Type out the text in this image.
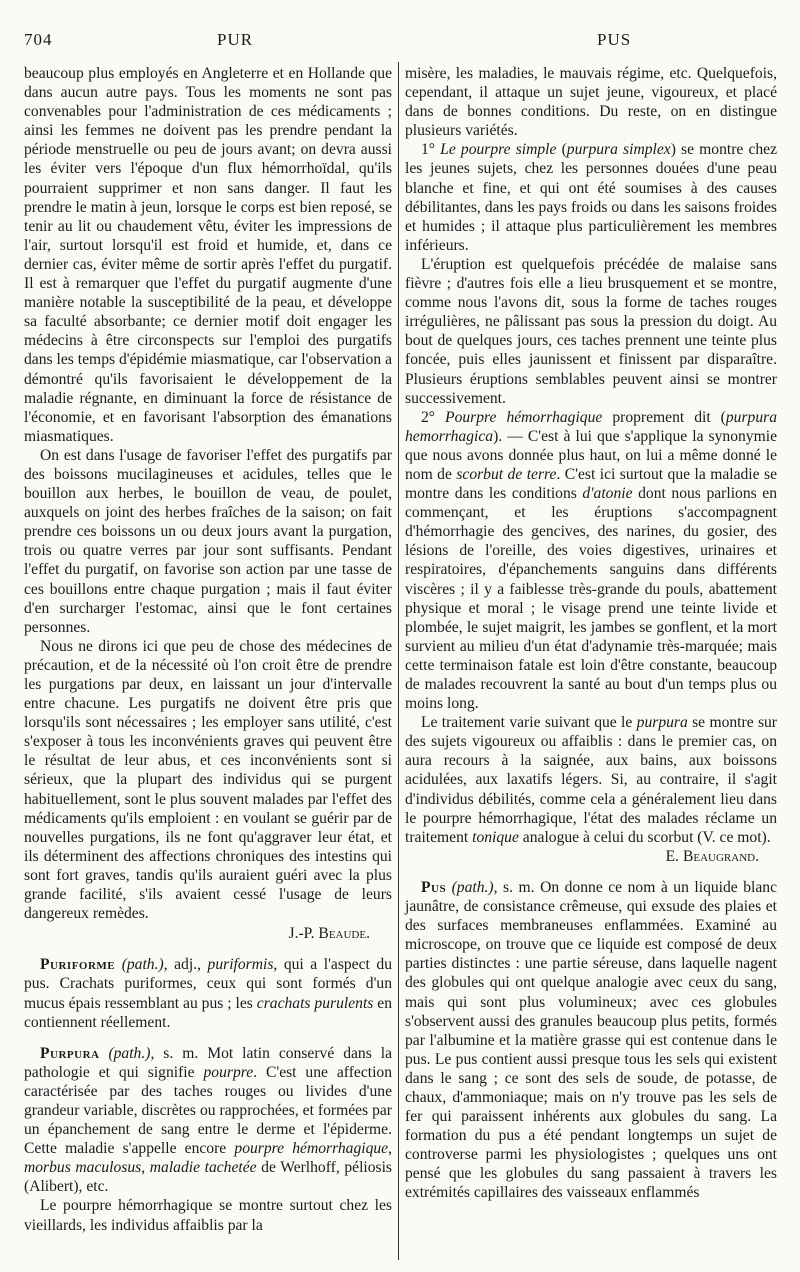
704	PUR	PUS

beaucoup plus employés en Angleterre et en Hollande que dans aucun autre pays. Tous les moments ne sont pas convenables pour l'administration de ces médicaments ; ainsi les femmes ne doivent pas les prendre pendant la période menstruelle ou peu de jours avant; on devra aussi les éviter vers l'époque d'un flux hémorrhoïdal, qu'ils pourraient supprimer et non sans danger. Il faut les prendre le matin à jeun, lorsque le corps est bien reposé, se tenir au lit ou chaudement vêtu, éviter les impressions de l'air, surtout lorsqu'il est froid et humide, et, dans ce dernier cas, éviter même de sortir après l'effet du purgatif. Il est à remarquer que l'effet du purgatif augmente d'une manière notable la susceptibilité de la peau, et développe sa faculté absorbante; ce dernier motif doit engager les médecins à être circonspects sur l'emploi des purgatifs dans les temps d'épidémie miasmatique, car l'observation a démontré qu'ils favorisaient le développement de la maladie régnante, en diminuant la force de résistance de l'économie, et en favorisant l'absorption des émanations miasmatiques.

On est dans l'usage de favoriser l'effet des purgatifs par des boissons mucilagineuses et acidules, telles que le bouillon aux herbes, le bouillon de veau, de poulet, auxquels on joint des herbes fraîches de la saison; on fait prendre ces boissons un ou deux jours avant la purgation, trois ou quatre verres par jour sont suffisants. Pendant l'effet du purgatif, on favorise son action par une tasse de ces bouillons entre chaque purgation ; mais il faut éviter d'en surcharger l'estomac, ainsi que le font certaines personnes.

Nous ne dirons ici que peu de chose des médecines de précaution, et de la nécessité où l'on croit être de prendre les purgations par deux, en laissant un jour d'intervalle entre chacune. Les purgatifs ne doivent être pris que lorsqu'ils sont nécessaires ; les employer sans utilité, c'est s'exposer à tous les inconvénients graves qui peuvent être le résultat de leur abus, et ces inconvénients sont si sérieux, que la plupart des individus qui se purgent habituellement, sont le plus souvent malades par l'effet des médicaments qu'ils emploient : en voulant se guérir par de nouvelles purgations, ils ne font qu'aggraver leur état, et ils déterminent des affections chroniques des intestins qui sont fort graves, tandis qu'ils auraient guéri avec la plus grande facilité, s'ils avaient cessé l'usage de leurs dangereux remèdes.

J.-P. Beaude.

Puriforme (path.), adj., puriformis, qui a l'aspect du pus. Crachats puriformes, ceux qui sont formés d'un mucus épais ressemblant au pus ; les crachats purulents en contiennent réellement.

Purpura (path.), s. m. Mot latin conservé dans la pathologie et qui signifie pourpre. C'est une affection caractérisée par des taches rouges ou livides d'une grandeur variable, discrètes ou rapprochées, et formées par un épanchement de sang entre le derme et l'épiderme. Cette maladie s'appelle encore pourpre hémorrhagique, morbus maculosus, maladie tachetée de Werlhoff, péliosis (Alibert), etc.

Le pourpre hémorrhagique se montre surtout chez les vieillards, les individus affaiblis par la

misère, les maladies, le mauvais régime, etc. Quelquefois, cependant, il attaque un sujet jeune, vigoureux, et placé dans de bonnes conditions. Du reste, on en distingue plusieurs variétés.

1° Le pourpre simple (purpura simplex) se montre chez les jeunes sujets, chez les personnes douées d'une peau blanche et fine, et qui ont été soumises à des causes débilitantes, dans les pays froids ou dans les saisons froides et humides ; il attaque plus particulièrement les membres inférieurs.

L'éruption est quelquefois précédée de malaise sans fièvre ; d'autres fois elle a lieu brusquement et se montre, comme nous l'avons dit, sous la forme de taches rouges irrégulières, ne pâlissant pas sous la pression du doigt. Au bout de quelques jours, ces taches prennent une teinte plus foncée, puis elles jaunissent et finissent par disparaître. Plusieurs éruptions semblables peuvent ainsi se montrer successivement.

2° Pourpre hémorrhagique proprement dit (purpura hemorrhagica). — C'est à lui que s'applique la synonymie que nous avons donnée plus haut, on lui a même donné le nom de scorbut de terre. C'est ici surtout que la maladie se montre dans les conditions d'atonie dont nous parlions en commençant, et les éruptions s'accompagnent d'hémorrhagie des gencives, des narines, du gosier, des lésions de l'oreille, des voies digestives, urinaires et respiratoires, d'épanchements sanguins dans différents viscères ; il y a faiblesse très-grande du pouls, abattement physique et moral ; le visage prend une teinte livide et plombée, le sujet maigrit, les jambes se gonflent, et la mort survient au milieu d'un état d'adynamie très-marquée; mais cette terminaison fatale est loin d'être constante, beaucoup de malades recouvrent la santé au bout d'un temps plus ou moins long.

Le traitement varie suivant que le purpura se montre sur des sujets vigoureux ou affaiblis : dans le premier cas, on aura recours à la saignée, aux bains, aux boissons acidulées, aux laxatifs légers. Si, au contraire, il s'agit d'individus débilités, comme cela a généralement lieu dans le pourpre hémorrhagique, l'état des malades réclame un traitement tonique analogue à celui du scorbut (V. ce mot).
E. Beaugrand.

Pus (path.), s. m. On donne ce nom à un liquide blanc jaunâtre, de consistance crêmeuse, qui exsude des plaies et des surfaces membraneuses enflammées. Examiné au microscope, on trouve que ce liquide est composé de deux parties distinctes : une partie séreuse, dans laquelle nagent des globules qui ont quelque analogie avec ceux du sang, mais qui sont plus volumineux; avec ces globules s'observent aussi des granules beaucoup plus petits, formés par l'albumine et la matière grasse qui est contenue dans le pus. Le pus contient aussi presque tous les sels qui existent dans le sang ; ce sont des sels de soude, de potasse, de chaux, d'ammoniaque; mais on n'y trouve pas les sels de fer qui paraissent inhérents aux globules du sang. La formation du pus a été pendant longtemps un sujet de controverse parmi les physiologistes ; quelques uns ont pensé que les globules du sang passaient à travers les extrémités capillaires des vaisseaux enflammés
